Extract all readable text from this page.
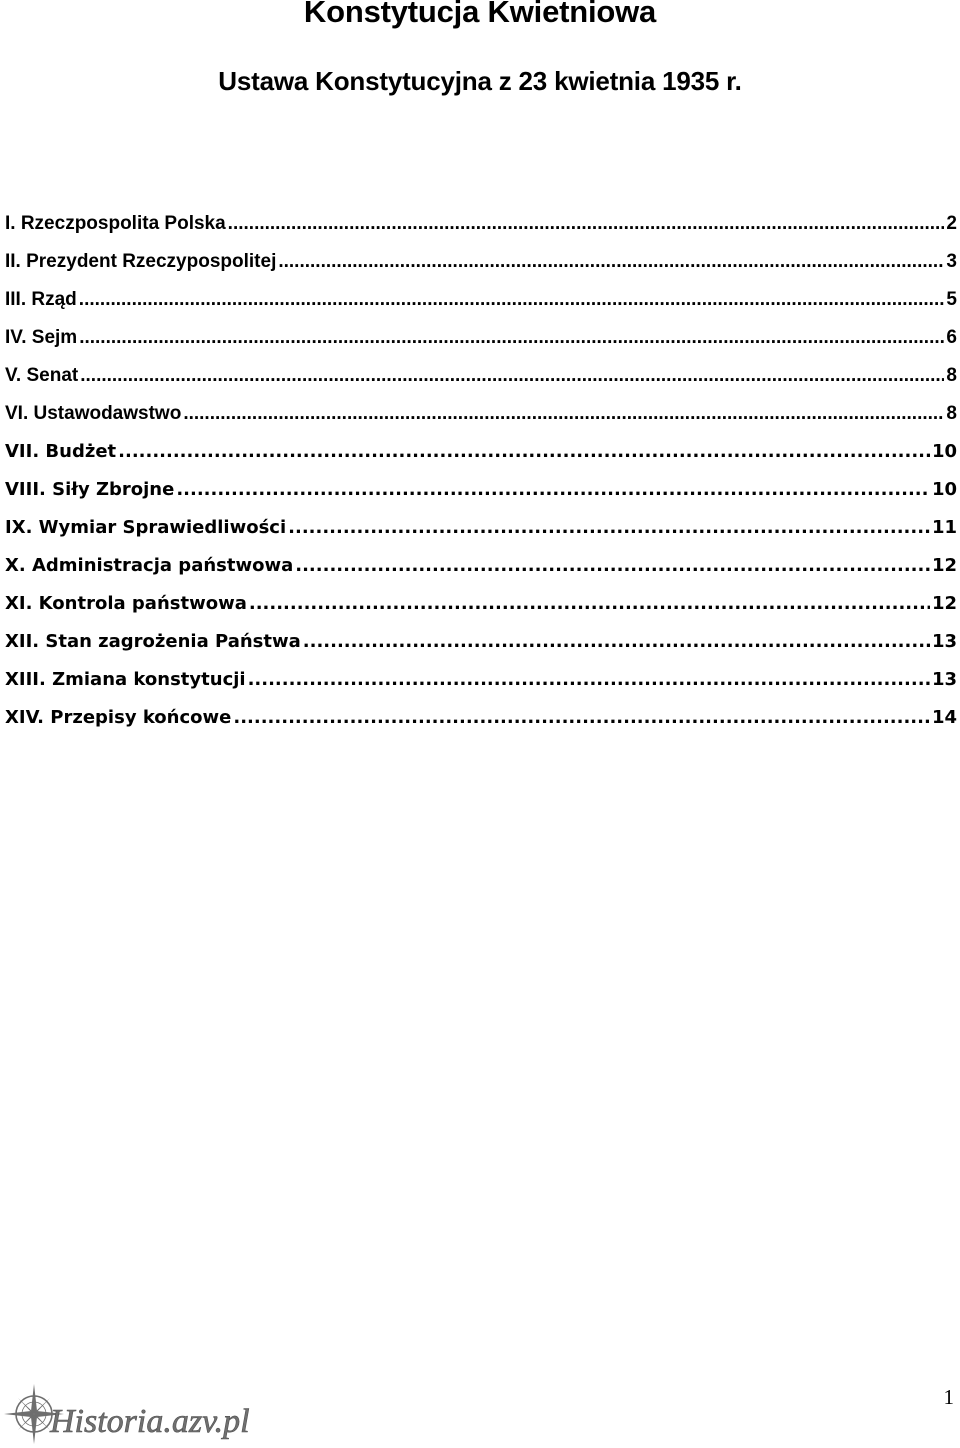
Konstytucja Kwietniowa
Ustawa Konstytucyjna z 23 kwietnia 1935 r.
I. Rzeczpospolita Polska .....	2
II. Prezydent Rzeczypospolitej .....	3
III. Rząd .....	5
IV. Sejm .....	6
V. Senat .....	8
VI. Ustawodawstwo .....	8
VII. Budżet .....	10
VIII. Siły Zbrojne .....	10
IX. Wymiar Sprawiedliwości .....	11
X. Administracja państwowa .....	12
XI. Kontrola państwowa .....	12
XII. Stan zagrożenia Państwa .....	13
XIII. Zmiana konstytucji .....	13
XIV. Przepisy końcowe .....	14
Historia.azv.pl
1
